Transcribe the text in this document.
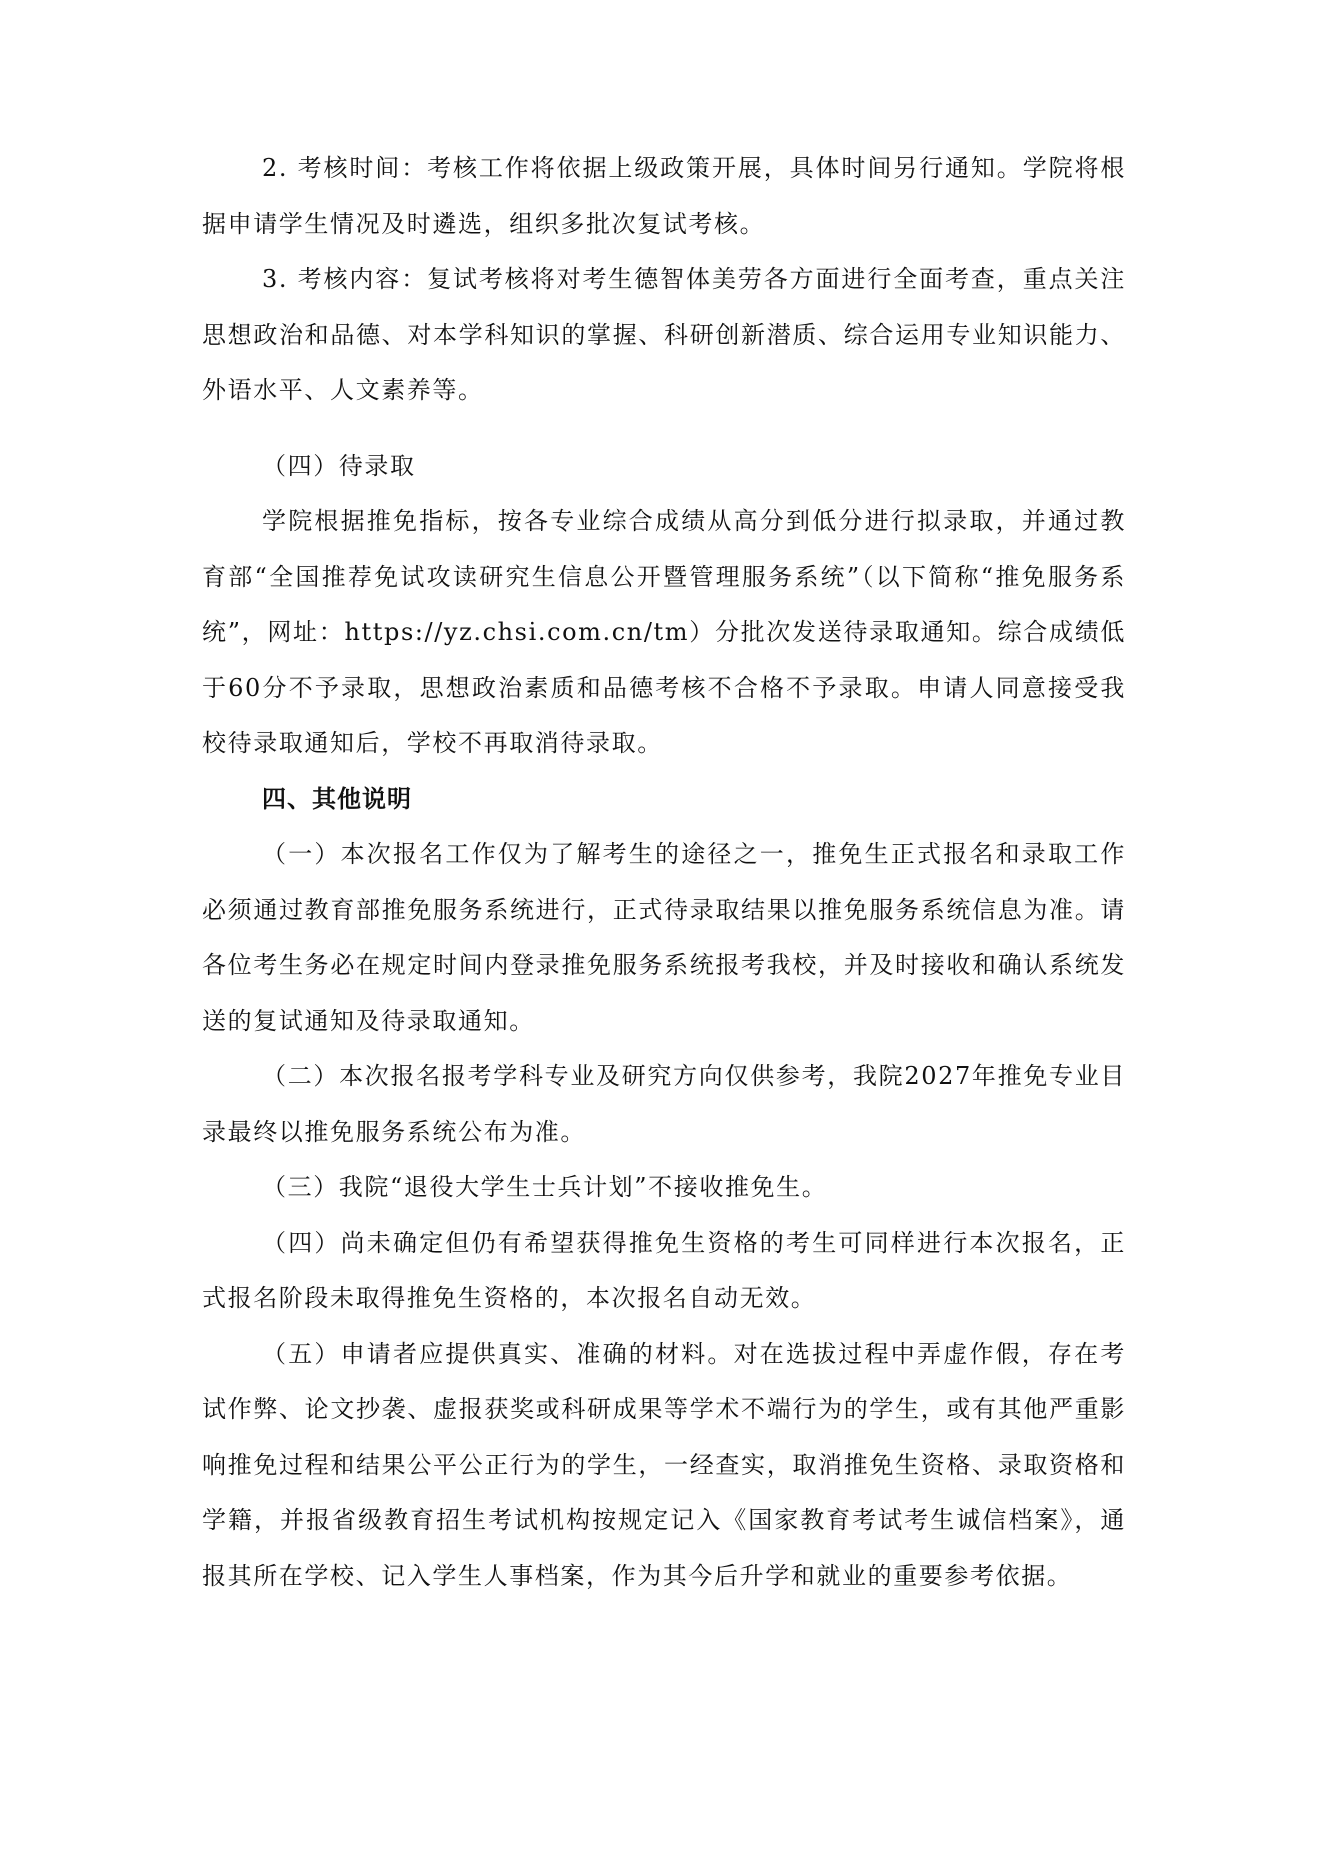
2. 考核时间：考核工作将依据上级政策开展，具体时间另行通知。学院将根据申请学生情况及时遴选，组织多批次复试考核。

3. 考核内容：复试考核将对考生德智体美劳各方面进行全面考查，重点关注思想政治和品德、对本学科知识的掌握、科研创新潜质、综合运用专业知识能力、外语水平、人文素养等。

（四）待录取

学院根据推免指标，按各专业综合成绩从高分到低分进行拟录取，并通过教育部“全国推荐免试攻读研究生信息公开暨管理服务系统”（以下简称“推免服务系统”，网址：https://yz.chsi.com.cn/tm）分批次发送待录取通知。综合成绩低于60分不予录取，思想政治素质和品德考核不合格不予录取。申请人同意接受我校待录取通知后，学校不再取消待录取。

四、其他说明

（一）本次报名工作仅为了解考生的途径之一，推免生正式报名和录取工作必须通过教育部推免服务系统进行，正式待录取结果以推免服务系统信息为准。请各位考生务必在规定时间内登录推免服务系统报考我校，并及时接收和确认系统发送的复试通知及待录取通知。

（二）本次报名报考学科专业及研究方向仅供参考，我院2027年推免专业目录最终以推免服务系统公布为准。

（三）我院“退役大学生士兵计划”不接收推免生。

（四）尚未确定但仍有希望获得推免生资格的考生可同样进行本次报名，正式报名阶段未取得推免生资格的，本次报名自动无效。

（五）申请者应提供真实、准确的材料。对在选拔过程中弄虚作假，存在考试作弊、论文抄袭、虚报获奖或科研成果等学术不端行为的学生，或有其他严重影响推免过程和结果公平公正行为的学生，一经查实，取消推免生资格、录取资格和学籍，并报省级教育招生考试机构按规定记入《国家教育考试考生诚信档案》，通报其所在学校、记入学生人事档案，作为其今后升学和就业的重要参考依据。
